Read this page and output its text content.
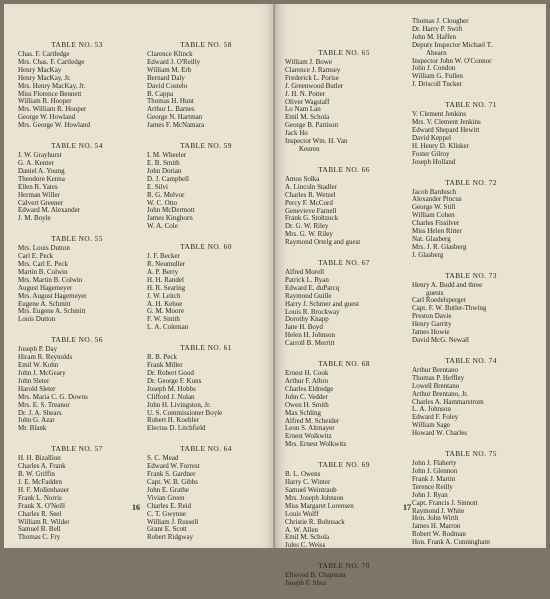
TABLE NO. 53
Chas. F. Cartledge
Mrs. Chas. F. Cartledge
Henry MacKay
Henry MacKay, Jr.
Mrs. Henry MacKay, Jr.
Miss Florence Bennett
William R. Hooper
Mrs. William R. Hooper
George W. Howland
Mrs. George W. Howland
TABLE NO. 54
J. W. Grayhurst
G. A. Kenter
Daniel A. Young
Theodore Kenna
Ellen R. Yates
Herman Willer
Calvert Greener
Edward M. Alexander
J. M. Boyle
TABLE NO. 55
Mrs. Louis Dutton
Carl E. Peck
Mrs. Carl E. Peck
Martin B. Colwin
Mrs. Martin B. Colwin
August Hagemeyer
Mrs. August Hagemeyer
Eugene A. Schmitt
Mrs. Eugene A. Schmitt
Louis Dutton
TABLE NO. 56
Joseph P. Day
Hiram R. Reynolds
Emil W. Kohn
John J. McGeary
John Sleter
Harold Sleter
Mrs. Maria C. G. Downs
Mrs. E. S. Treanor
Dr. J. A. Shears
John G. Azar
Mr. Blank
TABLE NO. 57
H. H. Bizallion
Charles A. Frank
B. W. Griffin
J. E. McFadden
H. F. Mollenhauer
Frank L. Norris
Frank X. O'Neill
Charles R. Seel
William R. Wilder
Samuel B. Bell
Thomas C. Fry
TABLE NO. 58
Clarence Klinck
Edward J. O'Reilly
William M. Erb
Bernard Daly
David Costelo
B. Cappa
Thomas H. Hunt
Arthur L. Barnes
George N. Hartman
James F. McNamara
TABLE NO. 59
I. M. Wheeler
E. B. Smith
John Dorian
D. J. Campbell
E. Silvi
R. G. Melvor
W. C. Otto
John McDermott
James Kinghorn
W. A. Cole
TABLE NO. 60
J. F. Becker
R. Neumuller
A. P. Berry
H. H. Randel
H. R. Searing
J. W. Leitch
A. H. Kehoe
G. M. Moore
F. W. Smith
L. A. Coleman
TABLE NO. 61
R. B. Peck
Frank Miller
Dr. Robert Good
Dr. George F. Kuns
Joseph M. Hobbs
Clifford J. Nolan
John H. Livingston, Jr.
U. S. Commissioner Boyle
Robert H. Koehler
Electus D. Litchfield
TABLE NO. 64
S. C. Mead
Edward W. Forrest
Frank S. Gardner
Capt. W. B. Gibbs
John E. Grathe
Vivian Green
Charles E. Reid
C. T. Gwynne
William J. Russell
Grant E. Scott
Robert Ridgway
16
TABLE NO. 65
William J. Bowe
Clarence J. Ramsey
Frederick L. Porise
J. Greenwood Butler
J. H. N. Potter
Oliver Wagstaff
Lo Nam Lan
Emil M. Schola
George B. Pattison
Jack Ho
Inspector Wm. H. Van
Keuren
TABLE NO. 66
Amos Solka
A. Lincoln Stadler
Charles R. Wetzel
Percy F. McCord
Genevieve Farnell
Frank G. Stoltzuck
Dr. G. W. Riley
Mrs. G. W. Riley
Raymond Ortelg and guest
TABLE NO. 67
Alfred Morell
Patrick L. Ryan
Edward E. duParcq
Raymond Guille
Harry J. Schmer and guest
Louis R. Brockway
Dorothy Knapp
Jane H. Boyd
Helen H. Johnson
Carroll B. Merritt
TABLE NO. 68
Ernest H. Cook
Arthur F. Albro
Charles Eldredge
John C. Vedder
Owen H. Smith
Max Schling
Alfred M. Scheider
Leon S. Altmayer
Ernest Wolkwitz
Mrs. Ernest Wolkwitz
TABLE NO. 69
B. L. Owens
Harry C. Winter
Samuel Weintraub
Mrs. Joseph Johnson
Miss Margaret Lorensen
Louis Wolff
Christie R. Bohnsack
A. W. Allen
Emil M. Schola
Jules C. Weiss
TABLE NO. 70
Ellwood B. Chapman
Joseph F. Shea
Thomas J. Clougher
Dr. Harry P. Swift
John M. Haffen
Deputy Inspector Michael T.
Ahearn
Inspector John W. O'Connor
John J. Condon
William G. Fullen
J. Driscoll Tucker
TABLE NO. 71
V. Clement Jenkins
Mrs. V. Clement Jenkins
Edward Shepard Hewitt
David Keppel
H. Henry D. Klisker
Foster Gilroy
Joseph Holland
TABLE NO. 72
Jacob Bardusch
Alexander Pincus
George W. Still
William Cohen
Charles Fissilver
Miss Helen Ritter
Nat. Glasberg
Mrs. J. R. Glasberg
J. Glasberg
TABLE NO. 73
Henry A. Budd and three
guests
Carl Roedelsperger
Capt. F. W. Butler-Thwing
Preston Davie
Henry Garrity
James Howie
David McG. Newall
TABLE NO. 74
Arthur Brentano
Thomas P. Heffley
Lowell Brentano
Arthur Brentano, Jr.
Charles A. Hammarstrom
L. A. Johnson
Edward F. Foley
William Sage
Howard W. Charles
TABLE NO. 75
John J. Flaherty
John J. Glennon
Frank J. Martin
Terence Reilly
John J. Ryan
Capt. Francis J. Sinnott
Raymond J. White
Hon. John Wirth
James H. Marron
Robert W. Rodman
Hon. Frank A. Cunningham
17
